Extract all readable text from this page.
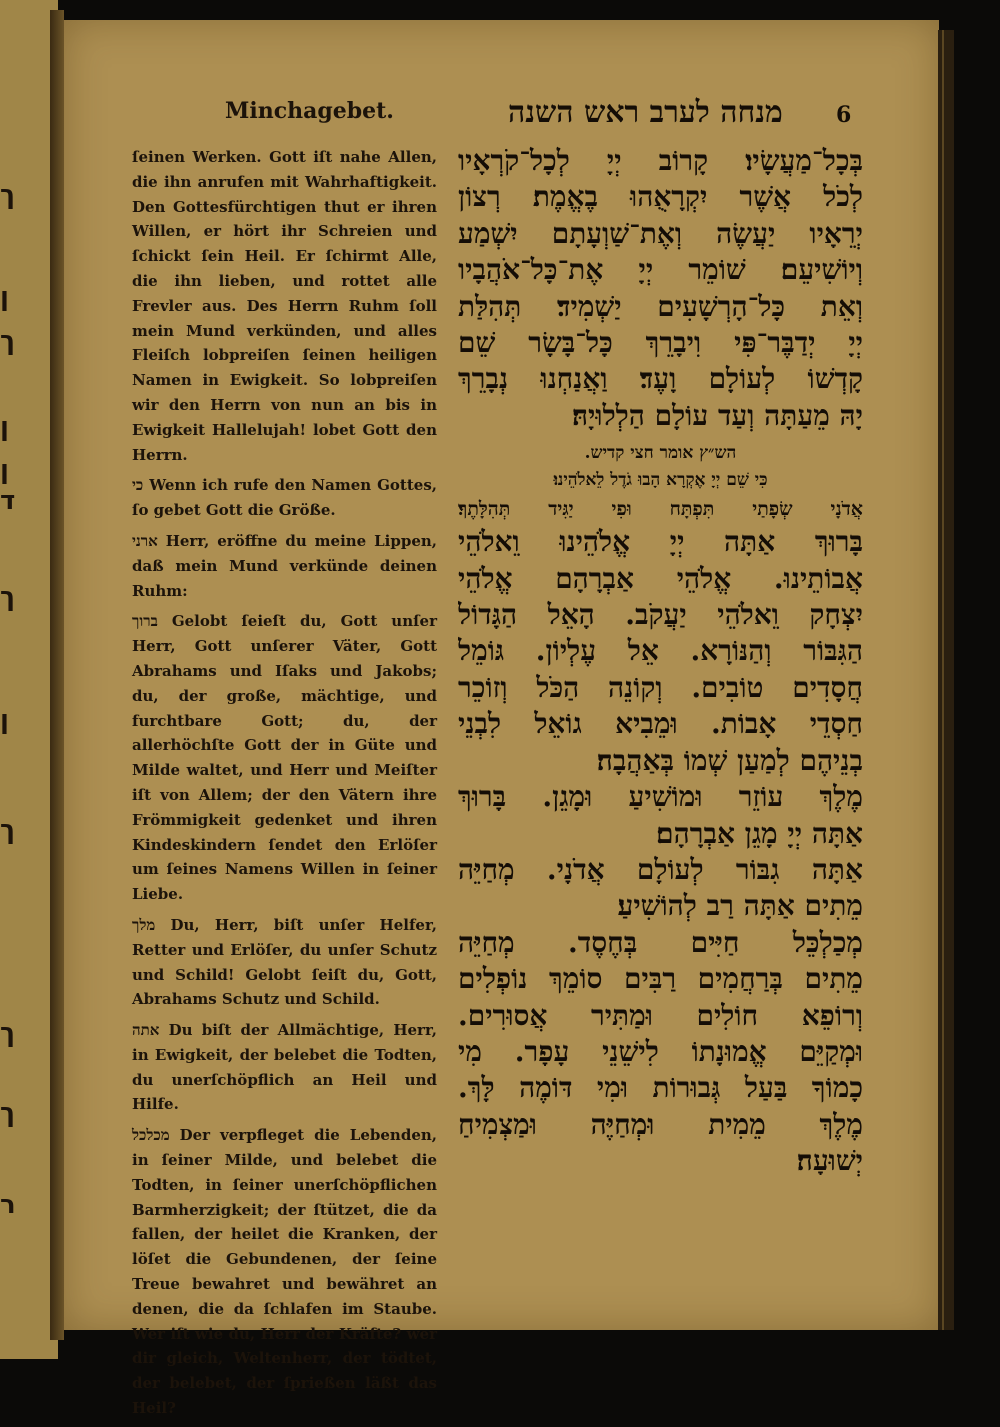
ך
ן
ך
ן
ן
ד
ך
ן
ך
ך
ך
ר
Minchagebet.	מנחה לערב ראש השנה 6

ſeinen Werken. Gott iſt nahe Allen, die ihn anrufen mit Wahrhaftigkeit. Den Gottesfürchtigen thut er ihren Willen, er hört ihr Schreien und ſchickt ſein Heil. Er ſchirmt Alle, die ihn lieben, und rottet alle Frevler aus. Des Herrn Ruhm ſoll mein Mund verkünden, und alles Fleiſch lobpreiſen ſeinen heiligen Namen in Ewigkeit. So lobpreiſen wir den Herrn von nun an bis in Ewigkeit Hallelujah! lobet Gott den Herrn.

כי Wenn ich rufe den Namen Gottes, ſo gebet Gott die Größe.

ארני Herr, eröffne du meine Lippen, daß mein Mund verkünde deinen Ruhm:

ברוך Gelobt ſeieſt du, Gott unſer Herr, Gott unſerer Väter, Gott Abrahams und Iſaks und Jakobs; du, der große, mächtige, und furchtbare Gott; du, der allerhöchſte Gott der in Güte und Milde waltet, und Herr und Meiſter iſt von Allem; der den Vätern ihre Frömmigkeit gedenket und ihren Kindeskindern ſendet den Erlöſer um ſeines Namens Willen in ſeiner Liebe.

מלך Du, Herr, biſt unſer Helfer, Retter und Erlöſer, du unſer Schutz und Schild! Gelobt ſeiſt du, Gott, Abrahams Schutz und Schild.

אתה Du biſt der Allmächtige, Herr, in Ewigkeit, der belebet die Todten, du unerſchöpflich an Heil und Hilfe.

מכלכל Der verpfleget die Lebenden, in ſeiner Milde, und belebet die Todten, in ſeiner unerſchöpflichen Barmherzigkeit; der ſtützet, die da fallen, der heilet die Kranken, der löſet die Gebundenen, der ſeine Treue bewahret und bewähret an denen, die da ſchlafen im Staube. Wer iſt wie du, Herr der Kräfte? wer dir gleich, Weltenherr, der tödtet, der belebet, der ſprießen läßt das Heil?

בְּכָל־מַעֲשָׂיו׃ קָרוֹב יְיָ לְכָל־קֹרְאָיו
לְכֹל אֲשֶׁר יִקְרָאֻהוּ בֶאֱמֶת׃ רְצוֹן
יְרֵאָיו יַעֲשֶׂה וְאֶת־שַׁוְעָתָם יִשְׁמַע
וְיוֹשִׁיעֵם׃ שׁוֹמֵר יְיָ אֶת־כָּל־אֹהֲבָיו
וְאֵת כָּל־הָרְשָׁעִים יַשְׁמִיד׃ תְּהִלַּת
יְיָ יְדַבֶּר־פִּי וִיבָרֵךְ כָּל־בָּשָׂר שֵׁם
קָדְשׁוֹ לְעוֹלָם וָעֶד׃ וַאֲנַחְנוּ נְבָרֵךְ
יָהּ מֵעַתָּה וְעַד עוֹלָם הַלְלוּיָהּ׃
הש״ץ אומר חצי קדיש.
כִּי שֵׁם יְיָ אֶקְרָא הָבוּ גֹדֶל לֵאלֹהֵינוּ׃
אֲדֹנָי שְׂפָתַי תִּפְתָּח וּפִי יַגִּיד תְּהִלָּתֶךָ׃
בָּרוּךְ אַתָּה יְיָ אֱלֹהֵינוּ וֵאלֹהֵי
אֲבוֹתֵינוּ. אֱלֹהֵי אַבְרָהָם אֱלֹהֵי
יִצְחָק וֵאלֹהֵי יַעֲקֹב. הָאֵל הַגָּדוֹל
הַגִּבּוֹר וְהַנּוֹרָא. אֵל עֶלְיוֹן. גּוֹמֵל
חֲסָדִים טוֹבִים. וְקוֹנֵה הַכֹּל וְזוֹכֵר
חַסְדֵי אָבוֹת. וּמֵבִיא גוֹאֵל לִבְנֵי
בְנֵיהֶם לְמַעַן שְׁמוֹ בְּאַהֲבָה׃
מֶלֶךְ עוֹזֵר וּמוֹשִׁיעַ וּמָגֵן. בָּרוּךְ
אַתָּה יְיָ מָגֵן אַבְרָהָם׃
אַתָּה גִבּוֹר לְעוֹלָם אֲדֹנָי. מְחַיֵּה
מֵתִים אַתָּה רַב לְהוֹשִׁיעַ׃
מְכַלְכֵּל חַיִּים בְּחֶסֶד. מְחַיֵּה
מֵתִים בְּרַחֲמִים רַבִּים סוֹמֵךְ נוֹפְלִים
וְרוֹפֵא חוֹלִים וּמַתִּיר אֲסוּרִים.
וּמְקַיֵּם אֱמוּנָתוֹ לִישֵׁנֵי עָפָר. מִי
כָמוֹךָ בַּעַל גְּבוּרוֹת וּמִי דּוֹמֶה לָּךְ.
מֶלֶךְ מֵמִית וּמְחַיֶּה וּמַצְמִיחַ
יְשׁוּעָה׃
